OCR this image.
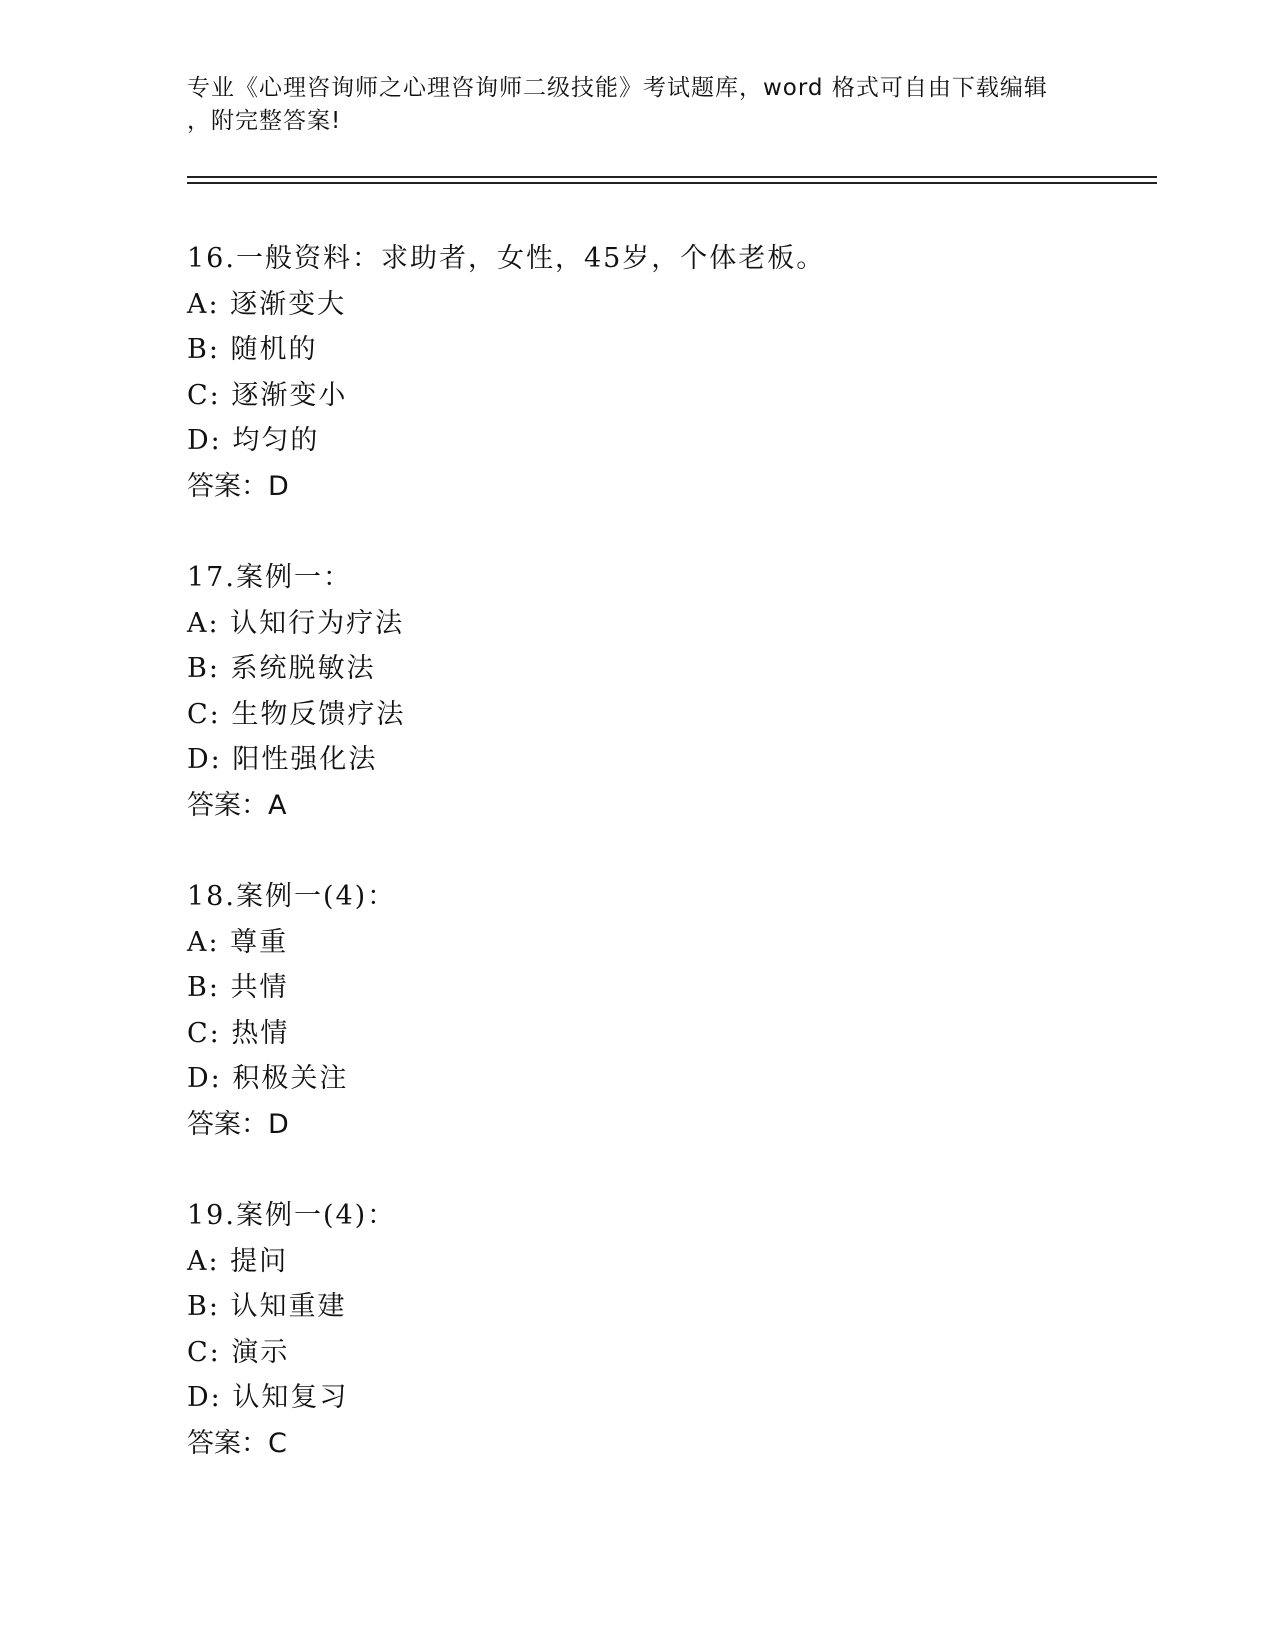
专业《心理咨询师之心理咨询师二级技能》考试题库，word 格式可自由下载编辑
，附完整答案!
16.一般资料：求助者，女性，45岁，个体老板。
A: 逐渐变大
B: 随机的
C: 逐渐变小
D: 均匀的
答案：D
17.案例一：
A: 认知行为疗法
B: 系统脱敏法
C: 生物反馈疗法
D: 阳性强化法
答案：A
18.案例一(4)：
A: 尊重
B: 共情
C: 热情
D: 积极关注
答案：D
19.案例一(4)：
A: 提问
B: 认知重建
C: 演示
D: 认知复习
答案：C
